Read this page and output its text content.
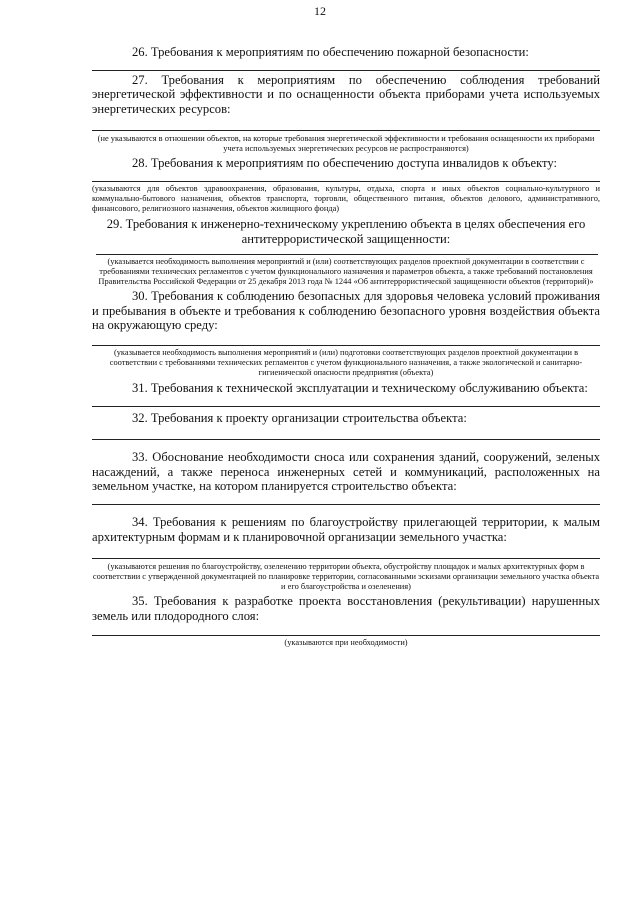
12

26. Требования к мероприятиям по обеспечению пожарной безопасности:

27. Требования к мероприятиям по обеспечению соблюдения требований энергетической эффективности и по оснащенности объекта приборами учета используемых энергетических ресурсов:

(не указываются в отношении объектов, на которые требования энергетической эффективности и требования оснащенности их приборами учета используемых энергетических ресурсов не распространяются)

28. Требования к мероприятиям по обеспечению доступа инвалидов к объекту:

(указываются для объектов здравоохранения, образования, культуры, отдыха, спорта и иных объектов социально-культурного и коммунально-бытового назначения, объектов транспорта, торговли, общественного питания, объектов делового, административного, финансового, религиозного назначения, объектов жилищного фонда)

29. Требования к инженерно-техническому укреплению объекта в целях обеспечения его антитеррористической защищенности:

(указывается необходимость выполнения мероприятий и (или) соответствующих разделов проектной документации в соответствии с требованиями технических регламентов с учетом функционального назначения и параметров объекта, а также требований постановления Правительства Российской Федерации от 25 декабря 2013 года № 1244 «Об антитеррористической защищенности объектов (территорий)»

30. Требования к соблюдению безопасных для здоровья человека условий проживания и пребывания в объекте и требования к соблюдению безопасного уровня воздействия объекта на окружающую среду:

(указывается необходимость выполнения мероприятий и (или) подготовки соответствующих разделов проектной документации в соответствии с требованиями технических регламентов с учетом функционального назначения, а также экологической и санитарно-гигиенической опасности предприятия (объекта)

31. Требования к технической эксплуатации и техническому обслуживанию объекта:

32. Требования к проекту организации строительства объекта:

33. Обоснование необходимости сноса или сохранения зданий, сооружений, зеленых насаждений, а также переноса инженерных сетей и коммуникаций, расположенных на земельном участке, на котором планируется строительство объекта:

34. Требования к решениям по благоустройству прилегающей территории, к малым архитектурным формам и к планировочной организации земельного участка:

(указываются решения по благоустройству, озеленению территории объекта, обустройству площадок и малых архитектурных форм в соответствии с утвержденной документацией по планировке территории, согласованными эскизами организации земельного участка объекта и его благоустройства и озеленения)

35. Требования к разработке проекта восстановления (рекультивации) нарушенных земель или плодородного слоя:

(указываются при необходимости)
